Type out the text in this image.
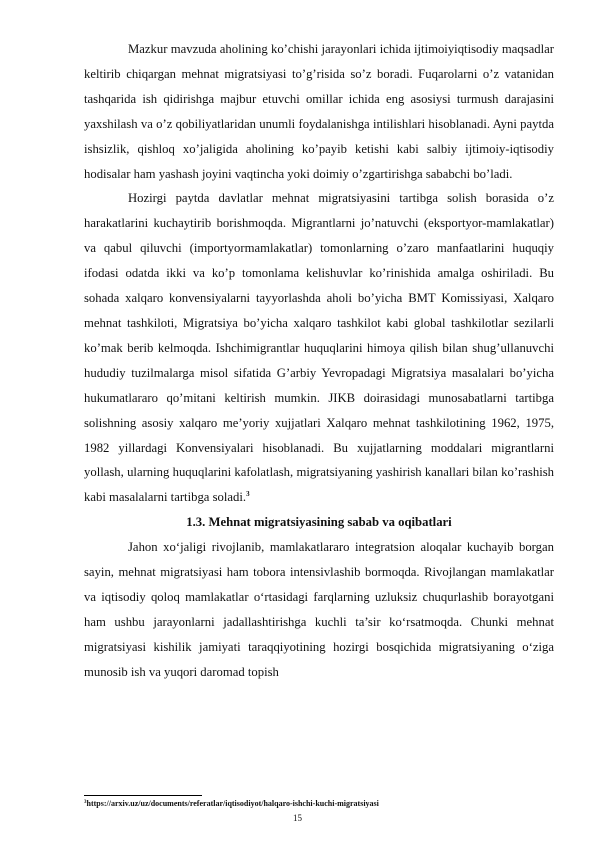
Mazkur mavzuda aholining ko’chishi jarayonlari ichida ijtimoiyiqtisodiy maqsadlar keltirib chiqargan mehnat migratsiyasi to’g’risida so’z boradi. Fuqarolarni o’z vatanidan tashqarida ish qidirishga majbur etuvchi omillar ichida eng asosiysi turmush darajasini yaxshilash va o’z qobiliyatlaridan unumli foydalanishga intilishlari hisoblanadi. Ayni paytda ishsizlik, qishloq xo’jaligida aholining ko’payib ketishi kabi salbiy ijtimoiy-iqtisodiy hodisalar ham yashash joyini vaqtincha yoki doimiy o’zgartirishga sababchi bo’ladi.

Hozirgi paytda davlatlar mehnat migratsiyasini tartibga solish borasida o’z harakatlarini kuchaytirib borishmoqda. Migrantlarni jo’natuvchi (eksportyor-mamlakatlar) va qabul qiluvchi (importyormamlakatlar) tomonlarning o’zaro manfaatlarini huquqiy ifodasi odatda ikki va ko’p tomonlama kelishuvlar ko’rinishida amalga oshiriladi. Bu sohada xalqaro konvensiyalarni tayyorlashda aholi bo’yicha BMT Komissiyasi, Xalqaro mehnat tashkiloti, Migratsiya bo’yicha xalqaro tashkilot kabi global tashkilotlar sezilarli ko’mak berib kelmoqda. Ishchimigrantlar huquqlarini himoya qilish bilan shug’ullanuvchi hududiy tuzilmalarga misol sifatida G’arbiy Yevropadagi Migratsiya masalalari bo’yicha hukumatlararo qo’mitani keltirish mumkin. JIKB doirasidagi munosabatlarni tartibga solishning asosiy xalqaro me’yoriy xujjatlari Xalqaro mehnat tashkilotining 1962, 1975, 1982 yillardagi Konvensiyalari hisoblanadi. Bu xujjatlarning moddalari migrantlarni yollash, ularning huquqlarini kafolatlash, migratsiyaning yashirish kanallari bilan ko’rashish kabi masalalarni tartibga soladi.$^3$

1.3. Mehnat migratsiyasining sabab va oqibatlari

Jahon xo‘jaligi rivojlanib, mamlakatlararo integratsion aloqalar kuchayib borgan sayin, mehnat migratsiyasi ham tobora intensivlashib bormoqda. Rivojlangan mamlakatlar va iqtisodiy qoloq mamlakatlar o‘rtasidagi farqlarning uzluksiz chuqurlashib borayotgani ham ushbu jarayonlarni jadallashtirishga kuchli ta’sir ko‘rsatmoqda. Chunki mehnat migratsiyasi kishilik jamiyati taraqqiyotining hozirgi bosqichida migratsiyaning o‘ziga munosib ish va yuqori daromad topish

$^3$https://arxiv.uz/uz/documents/referatlar/iqtisodiyot/halqaro-ishchi-kuchi-migratsiyasi
15
